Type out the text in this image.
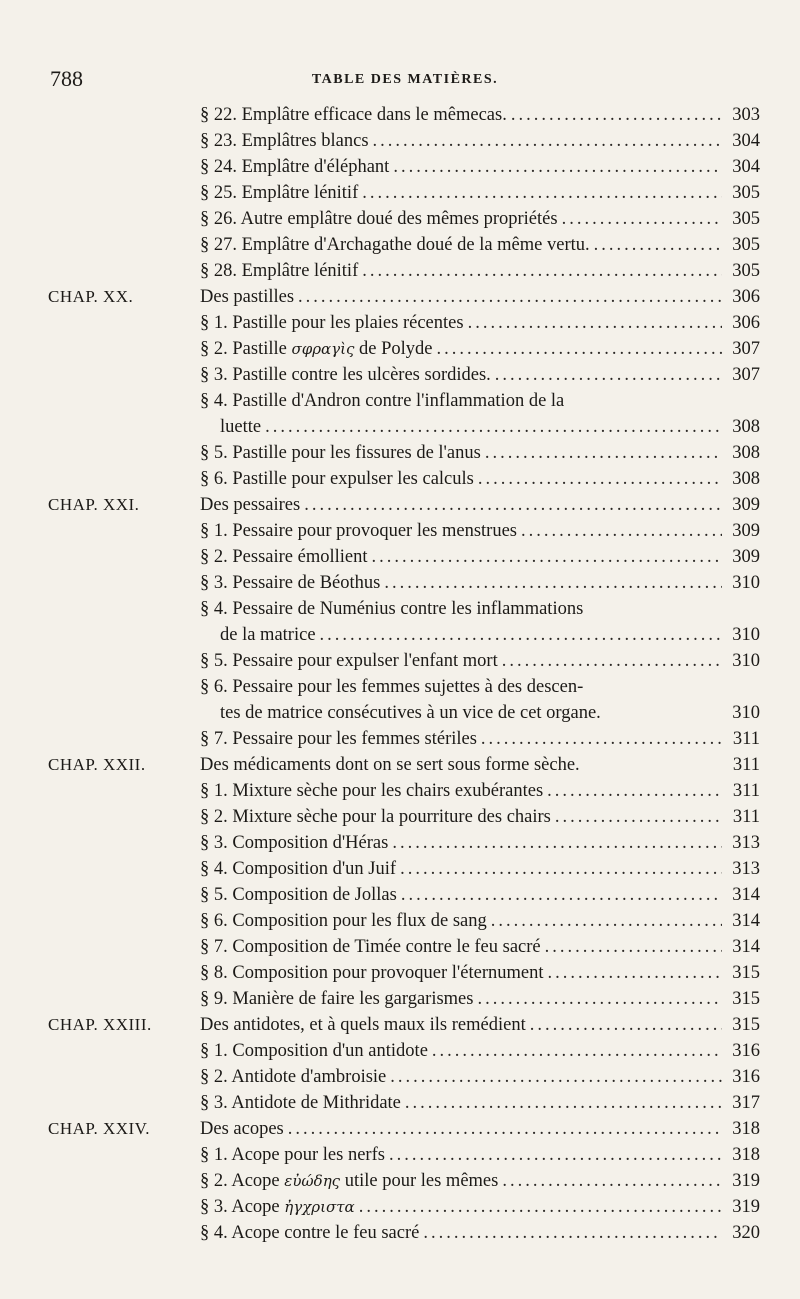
788	TABLE DES MATIÈRES.
§ 22. Emplâtre efficace dans le mêmecas. .....	303
§ 23. Emplâtres blancs .....	304
§ 24. Emplâtre d'éléphant .....	304
§ 25. Emplâtre lénitif .....	305
§ 26. Autre emplâtre doué des mêmes propriétés .....	305
§ 27. Emplâtre d'Archagathe doué de la même vertu. .....	305
§ 28. Emplâtre lénitif .....	305
CHAP. XX.	Des pastilles .....	306
§ 1. Pastille pour les plaies récentes .....	306
§ 2. Pastille σφραγὶς de Polyde .....	307
§ 3. Pastille contre les ulcères sordides. .....	307
§ 4. Pastille d'Andron contre l'inflammation de la
luette .....	308
§ 5. Pastille pour les fissures de l'anus .....	308
§ 6. Pastille pour expulser les calculs .....	308
CHAP. XXI.	Des pessaires .....	309
§ 1. Pessaire pour provoquer les menstrues .....	309
§ 2. Pessaire émollient .....	309
§ 3. Pessaire de Béothus .....	310
§ 4. Pessaire de Numénius contre les inflammations
de la matrice .....	310
§ 5. Pessaire pour expulser l'enfant mort .....	310
§ 6. Pessaire pour les femmes sujettes à des descen-
tes de matrice consécutives à un vice de cet organe.	310
§ 7. Pessaire pour les femmes stériles .....	311
CHAP. XXII.	Des médicaments dont on se sert sous forme sèche.	311
§ 1. Mixture sèche pour les chairs exubérantes .....	311
§ 2. Mixture sèche pour la pourriture des chairs .....	311
§ 3. Composition d'Héras .....	313
§ 4. Composition d'un Juif .....	313
§ 5. Composition de Jollas .....	314
§ 6. Composition pour les flux de sang .....	314
§ 7. Composition de Timée contre le feu sacré .....	314
§ 8. Composition pour provoquer l'éternument .....	315
§ 9. Manière de faire les gargarismes .....	315
CHAP. XXIII.	Des antidotes, et à quels maux ils remédient .....	315
§ 1. Composition d'un antidote .....	316
§ 2. Antidote d'ambroisie .....	316
§ 3. Antidote de Mithridate .....	317
CHAP. XXIV.	Des acopes .....	318
§ 1. Acope pour les nerfs .....	318
§ 2. Acope εὐώδης utile pour les mêmes .....	319
§ 3. Acope ἠγχριστα .....	319
§ 4. Acope contre le feu sacré .....	320
